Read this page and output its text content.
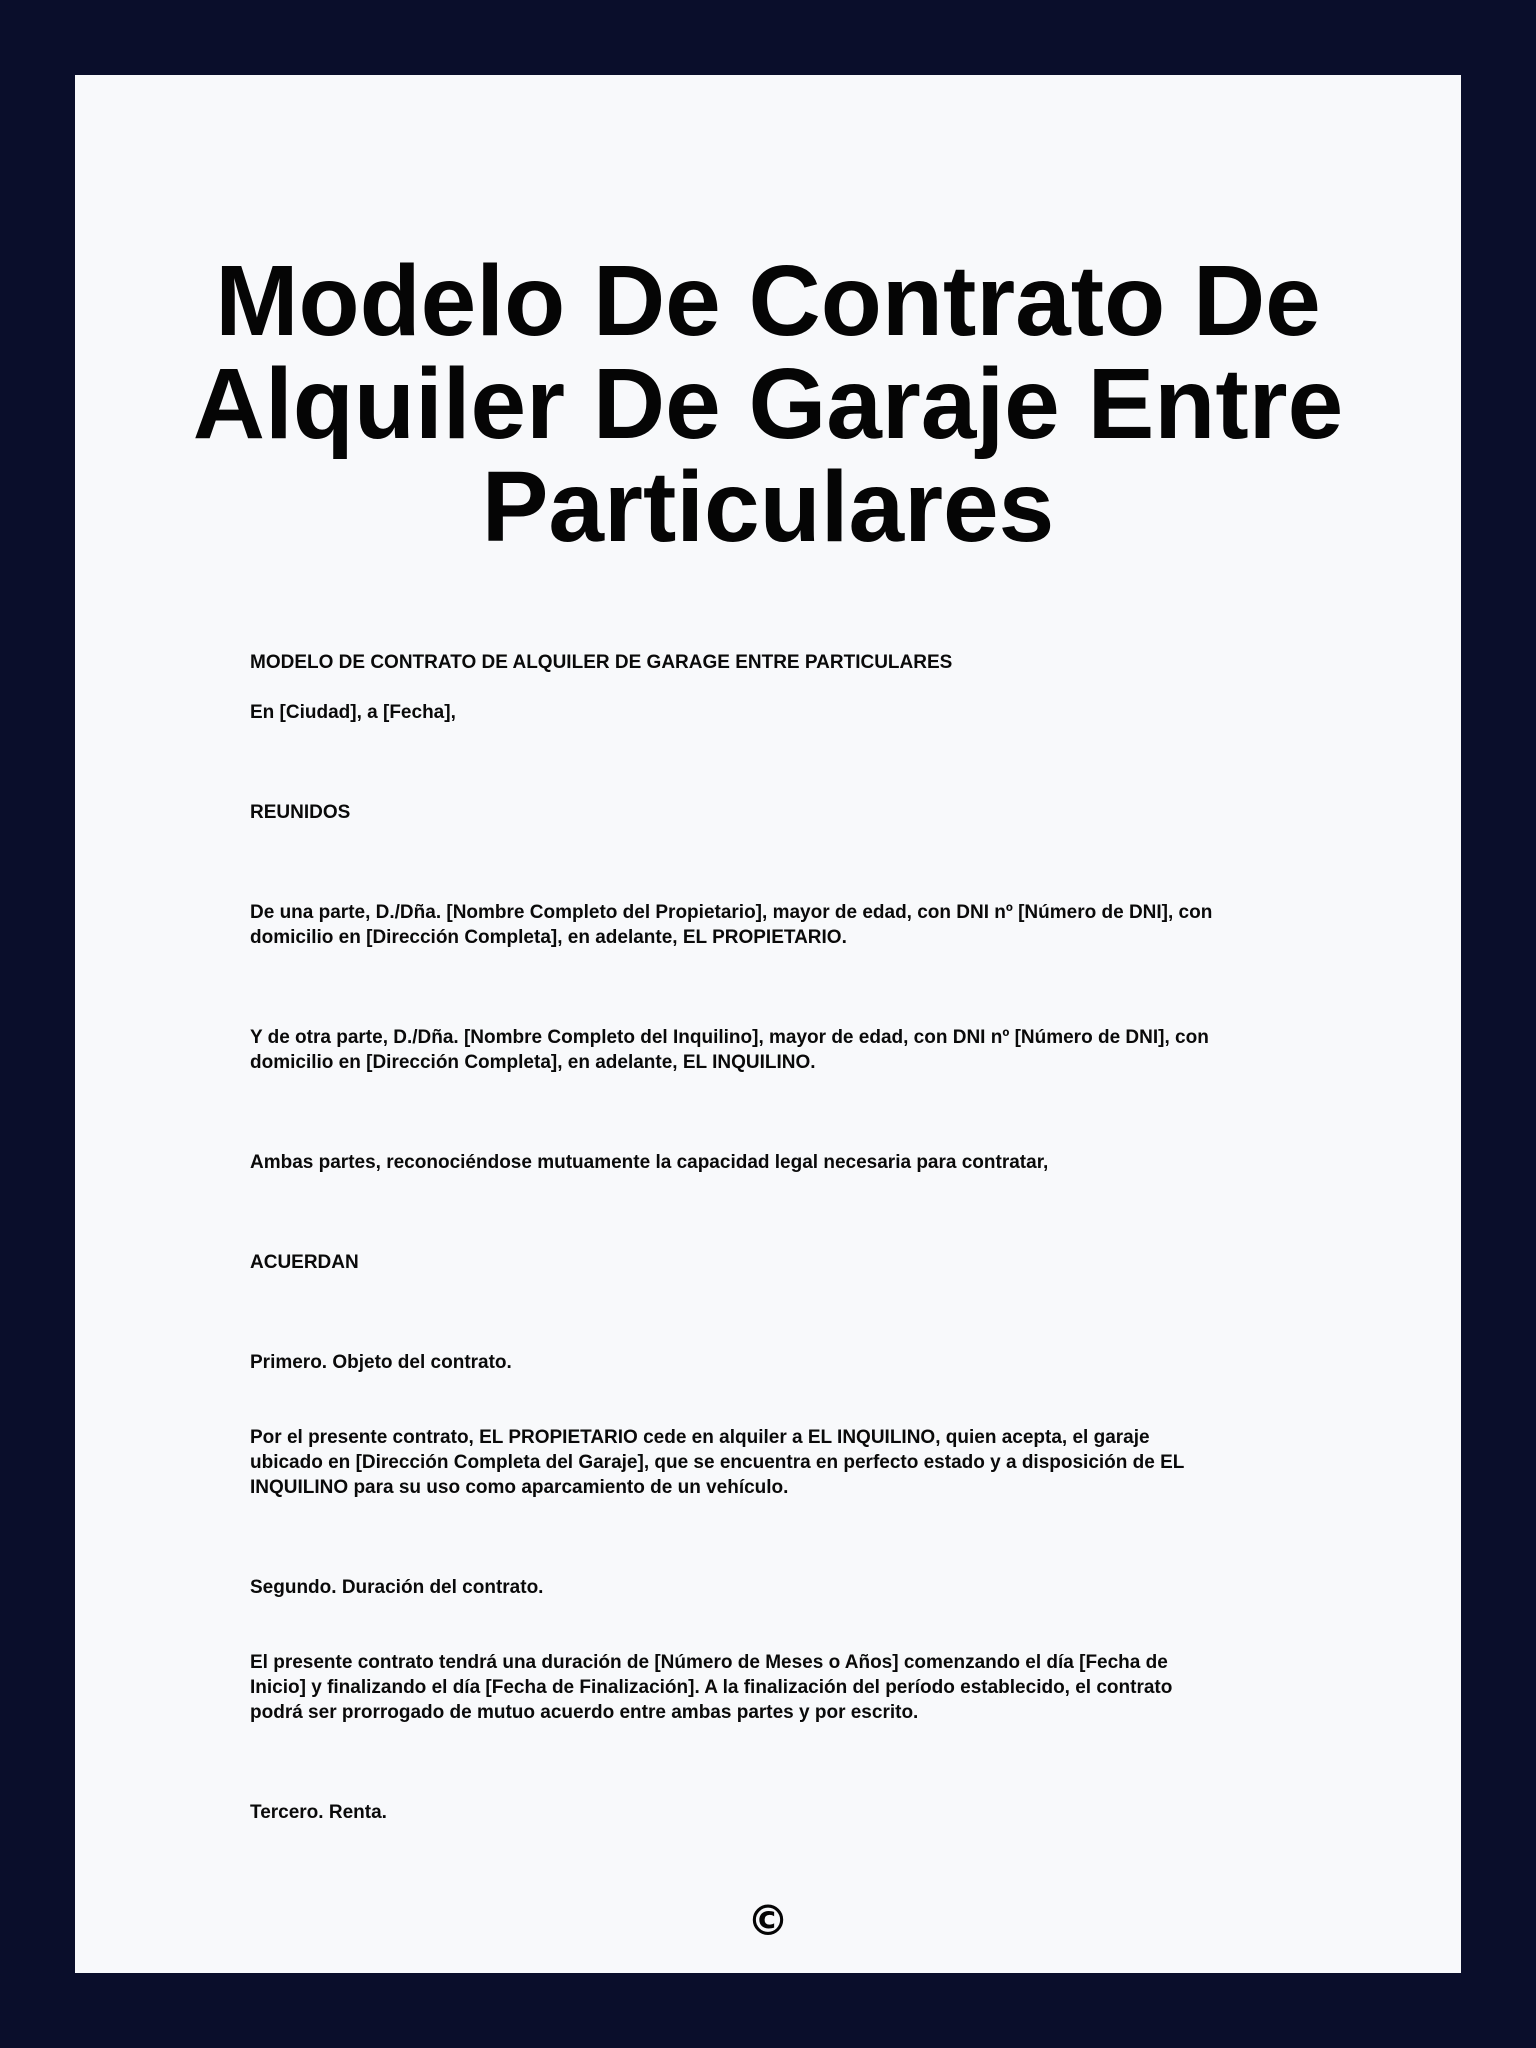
Modelo De Contrato De Alquiler De Garaje Entre Particulares

MODELO DE CONTRATO DE ALQUILER DE GARAGE ENTRE PARTICULARES

En [Ciudad], a [Fecha],

REUNIDOS

De una parte, D./Dña. [Nombre Completo del Propietario], mayor de edad, con DNI nº [Número de DNI], con
domicilio en [Dirección Completa], en adelante, EL PROPIETARIO.

Y de otra parte, D./Dña. [Nombre Completo del Inquilino], mayor de edad, con DNI nº [Número de DNI], con
domicilio en [Dirección Completa], en adelante, EL INQUILINO.

Ambas partes, reconociéndose mutuamente la capacidad legal necesaria para contratar,

ACUERDAN

Primero. Objeto del contrato.

Por el presente contrato, EL PROPIETARIO cede en alquiler a EL INQUILINO, quien acepta, el garaje
ubicado en [Dirección Completa del Garaje], que se encuentra en perfecto estado y a disposición de EL
INQUILINO para su uso como aparcamiento de un vehículo.

Segundo. Duración del contrato.

El presente contrato tendrá una duración de [Número de Meses o Años] comenzando el día [Fecha de
Inicio] y finalizando el día [Fecha de Finalización]. A la finalización del período establecido, el contrato
podrá ser prorrogado de mutuo acuerdo entre ambas partes y por escrito.

Tercero. Renta.

©
